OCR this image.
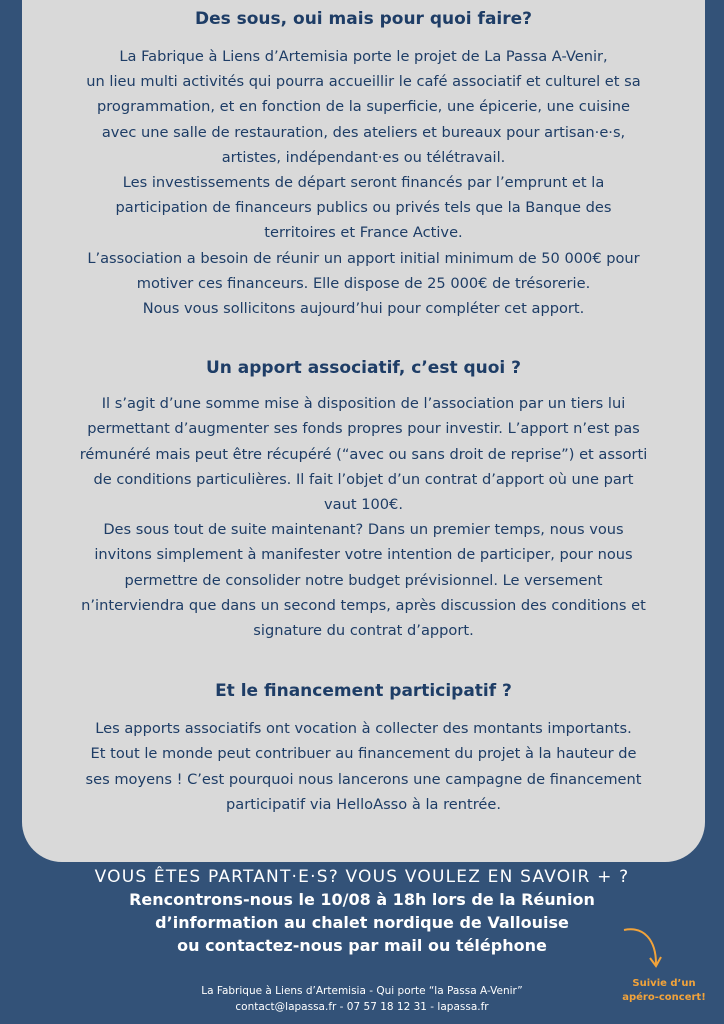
Des sous, oui mais pour quoi faire?

La Fabrique à Liens d’Artemisia porte le projet de La Passa A-Venir,

un lieu multi activités qui pourra accueillir le café associatif et culturel et sa

programmation, et en fonction de la superficie, une épicerie, une cuisine

avec une salle de restauration, des ateliers et bureaux pour artisan·e·s,

artistes, indépendant·es ou télétravail.

Les investissements de départ seront financés par l’emprunt et la

participation de financeurs publics ou privés tels que la Banque des

territoires et France Active.

L’association a besoin de réunir un apport initial minimum de 50 000€ pour

motiver ces financeurs. Elle dispose de 25 000€ de trésorerie.

Nous vous sollicitons aujourd’hui pour compléter cet apport.

Un apport associatif, c’est quoi ?

Il s’agit d’une somme mise à disposition de l’association par un tiers lui

permettant d’augmenter ses fonds propres pour investir. L’apport n’est pas

rémunéré mais peut être récupéré (“avec ou sans droit de reprise”) et assorti

de conditions particulières. Il fait l’objet d’un contrat d’apport où une part

vaut 100€.

Des sous tout de suite maintenant? Dans un premier temps, nous vous

invitons simplement à manifester votre intention de participer, pour nous

permettre de consolider notre budget prévisionnel. Le versement

n’interviendra que dans un second temps, après discussion des conditions et

signature du contrat d’apport.

Et le financement participatif ?

Les apports associatifs ont vocation à collecter des montants importants.

Et tout le monde peut contribuer au financement du projet à la hauteur de

ses moyens ! C’est pourquoi nous lancerons une campagne de financement

participatif via HelloAsso à la rentrée.

VOUS ÊTES PARTANT·E·S? VOUS VOULEZ EN SAVOIR + ?

Rencontrons-nous le 10/08 à 18h lors de la Réunion

d’information au chalet nordique de Vallouise

ou contactez-nous par mail ou téléphone

Suivie d’un
apéro-concert!
La Fabrique à Liens d’Artemisia - Qui porte “la Passa A-Venir”
contact@lapassa.fr - 07 57 18 12 31 - lapassa.fr
